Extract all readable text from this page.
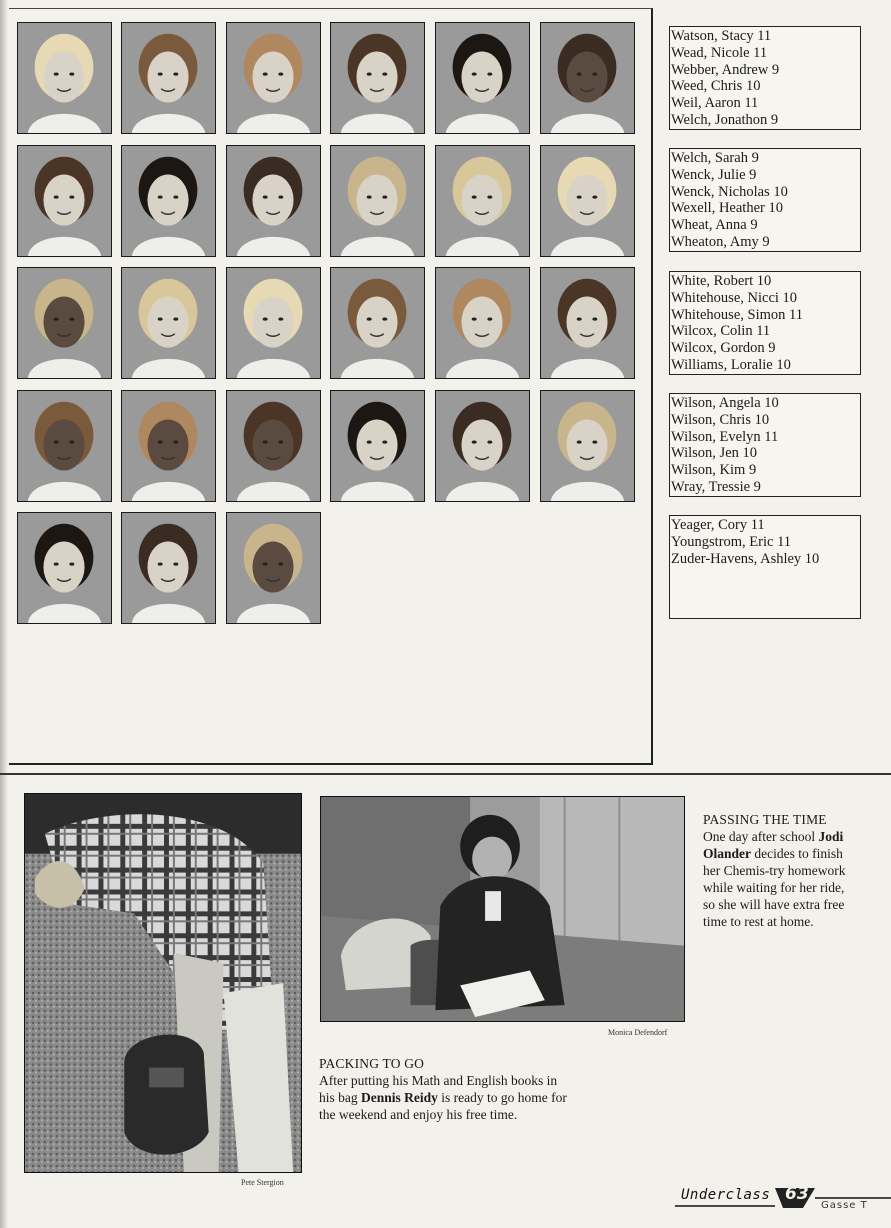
Watson, Stacy 11
Wead, Nicole 11
Webber, Andrew 9
Weed, Chris 10
Weil, Aaron 11
Welch, Jonathon 9
Welch, Sarah 9
Wenck, Julie 9
Wenck, Nicholas 10
Wexell, Heather 10
Wheat, Anna 9
Wheaton, Amy 9
White, Robert 10
Whitehouse, Nicci 10
Whitehouse, Simon 11
Wilcox, Colin 11
Wilcox, Gordon 9
Williams, Loralie 10
Wilson, Angela 10
Wilson, Chris 10
Wilson, Evelyn 11
Wilson, Jen 10
Wilson, Kim 9
Wray, Tressie 9
Yeager, Cory 11
Youngstrom, Eric 11
Zuder-Havens, Ashley 10
Pete Stergion
Monica Defendorf
PACKING TO GO
After putting his Math and English books in his bag Dennis Reidy is ready to go home for the weekend and enjoy his free time.
PASSING THE TIME
One day after school Jodi Olander decides to finish her Chemis-try homework while waiting for her ride, so she will have extra free time to rest at home.
Underclass 63
Gasse T
